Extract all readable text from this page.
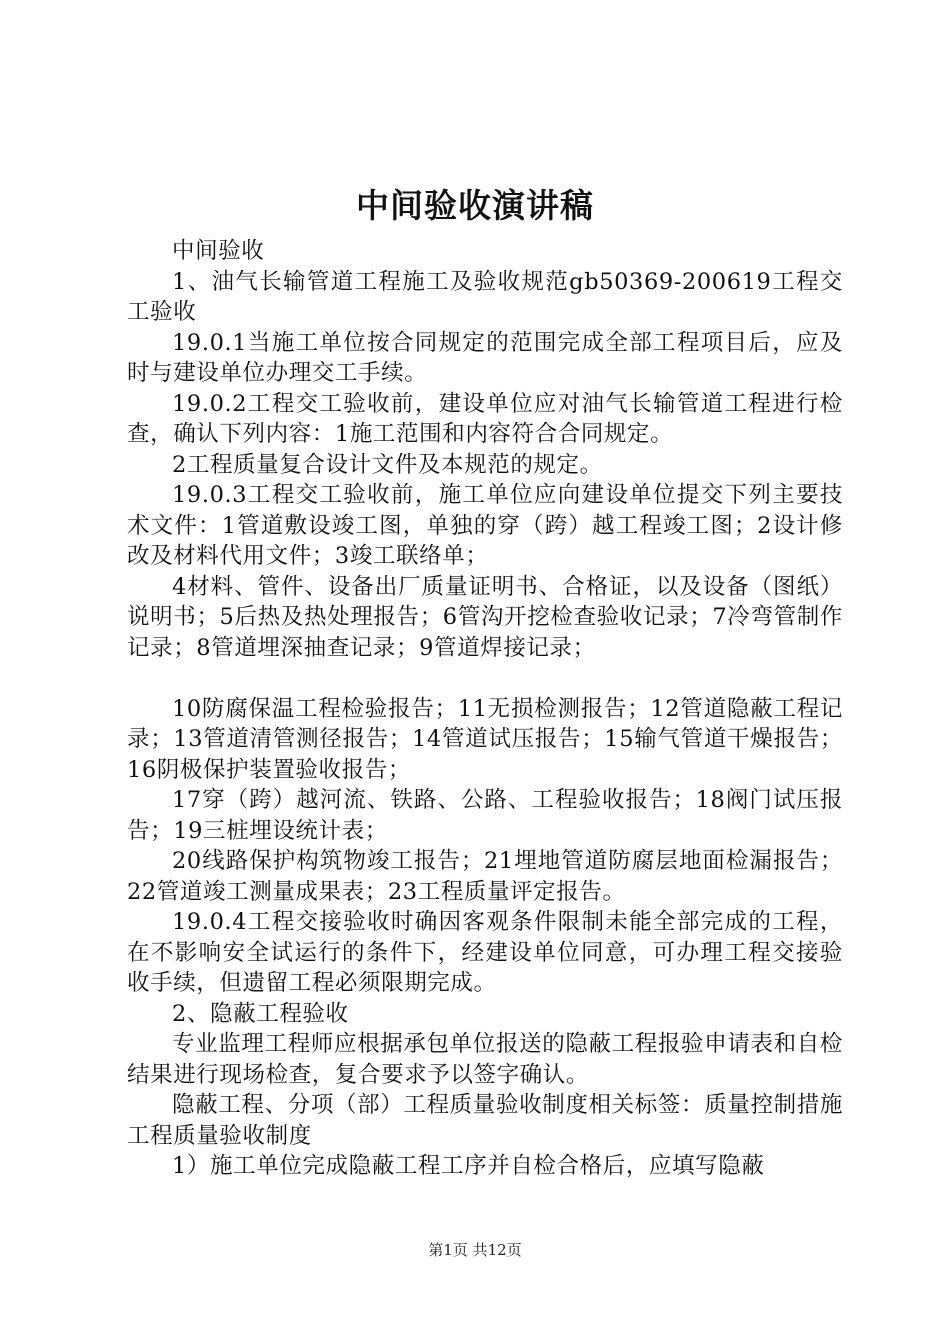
中间验收演讲稿

中间验收

1、油气长输管道工程施工及验收规范gb50369-200619工程交工验收

19.0.1当施工单位按合同规定的范围完成全部工程项目后，应及时与建设单位办理交工手续。

19.0.2工程交工验收前，建设单位应对油气长输管道工程进行检查，确认下列内容：1施工范围和内容符合合同规定。

2工程质量复合设计文件及本规范的规定。

19.0.3工程交工验收前，施工单位应向建设单位提交下列主要技术文件：1管道敷设竣工图，单独的穿（跨）越工程竣工图；2设计修改及材料代用文件；3竣工联络单；

4材料、管件、设备出厂质量证明书、合格证，以及设备（图纸）说明书；5后热及热处理报告；6管沟开挖检查验收记录；7冷弯管制作记录；8管道埋深抽查记录；9管道焊接记录；

10防腐保温工程检验报告；11无损检测报告；12管道隐蔽工程记录；13管道清管测径报告；14管道试压报告；15输气管道干燥报告；16阴极保护装置验收报告；

17穿（跨）越河流、铁路、公路、工程验收报告；18阀门试压报告；19三桩埋设统计表；

20线路保护构筑物竣工报告；21埋地管道防腐层地面检漏报告；22管道竣工测量成果表；23工程质量评定报告。

19.0.4工程交接验收时确因客观条件限制未能全部完成的工程，在不影响安全试运行的条件下，经建设单位同意，可办理工程交接验收手续，但遗留工程必须限期完成。

2、隐蔽工程验收

专业监理工程师应根据承包单位报送的隐蔽工程报验申请表和自检结果进行现场检查，复合要求予以签字确认。

隐蔽工程、分项（部）工程质量验收制度相关标签：质量控制措施工程质量验收制度

1）施工单位完成隐蔽工程工序并自检合格后，应填写隐蔽

第1页 共12页
